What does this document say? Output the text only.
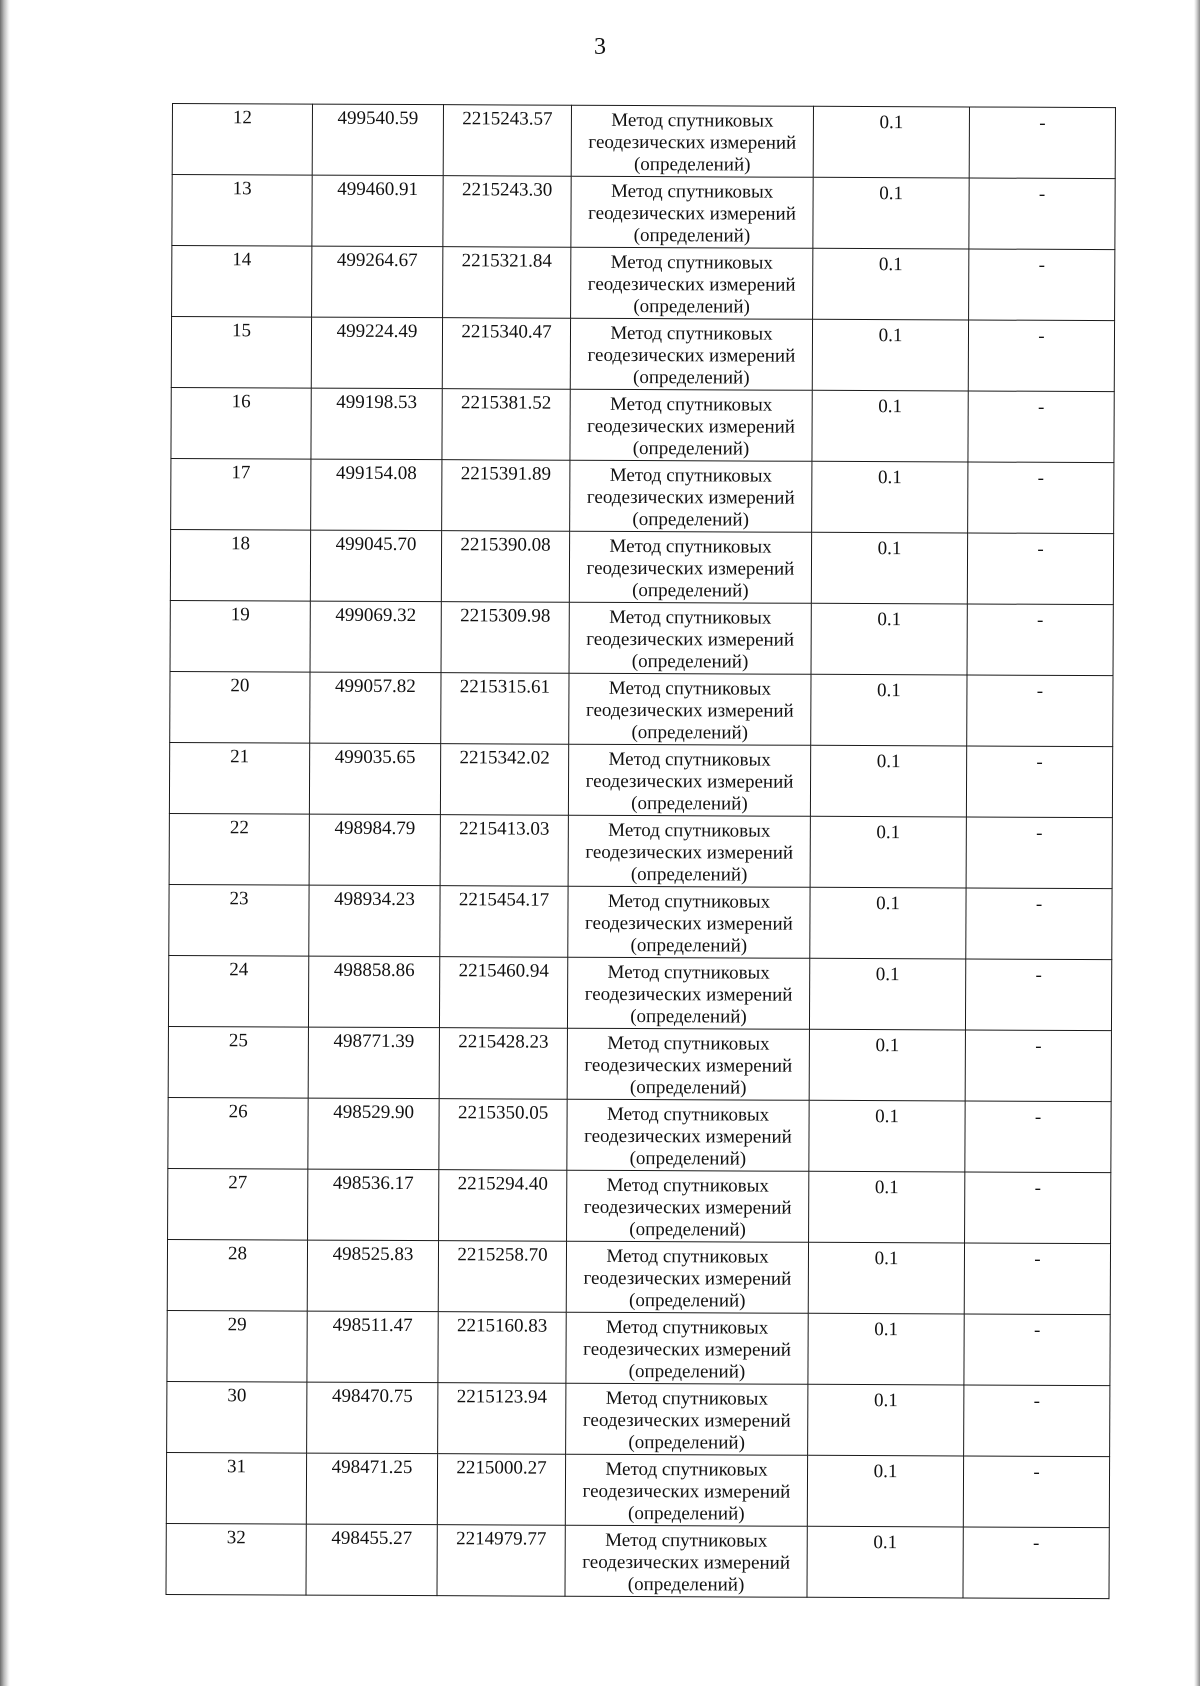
3
12	499540.59	2215243.57	Метод спутниковых
геодезических измерений
(определений)	0.1	-
13	499460.91	2215243.30	Метод спутниковых
геодезических измерений
(определений)	0.1	-
14	499264.67	2215321.84	Метод спутниковых
геодезических измерений
(определений)	0.1	-
15	499224.49	2215340.47	Метод спутниковых
геодезических измерений
(определений)	0.1	-
16	499198.53	2215381.52	Метод спутниковых
геодезических измерений
(определений)	0.1	-
17	499154.08	2215391.89	Метод спутниковых
геодезических измерений
(определений)	0.1	-
18	499045.70	2215390.08	Метод спутниковых
геодезических измерений
(определений)	0.1	-
19	499069.32	2215309.98	Метод спутниковых
геодезических измерений
(определений)	0.1	-
20	499057.82	2215315.61	Метод спутниковых
геодезических измерений
(определений)	0.1	-
21	499035.65	2215342.02	Метод спутниковых
геодезических измерений
(определений)	0.1	-
22	498984.79	2215413.03	Метод спутниковых
геодезических измерений
(определений)	0.1	-
23	498934.23	2215454.17	Метод спутниковых
геодезических измерений
(определений)	0.1	-
24	498858.86	2215460.94	Метод спутниковых
геодезических измерений
(определений)	0.1	-
25	498771.39	2215428.23	Метод спутниковых
геодезических измерений
(определений)	0.1	-
26	498529.90	2215350.05	Метод спутниковых
геодезических измерений
(определений)	0.1	-
27	498536.17	2215294.40	Метод спутниковых
геодезических измерений
(определений)	0.1	-
28	498525.83	2215258.70	Метод спутниковых
геодезических измерений
(определений)	0.1	-
29	498511.47	2215160.83	Метод спутниковых
геодезических измерений
(определений)	0.1	-
30	498470.75	2215123.94	Метод спутниковых
геодезических измерений
(определений)	0.1	-
31	498471.25	2215000.27	Метод спутниковых
геодезических измерений
(определений)	0.1	-
32	498455.27	2214979.77	Метод спутниковых
геодезических измерений
(определений)	0.1	-
